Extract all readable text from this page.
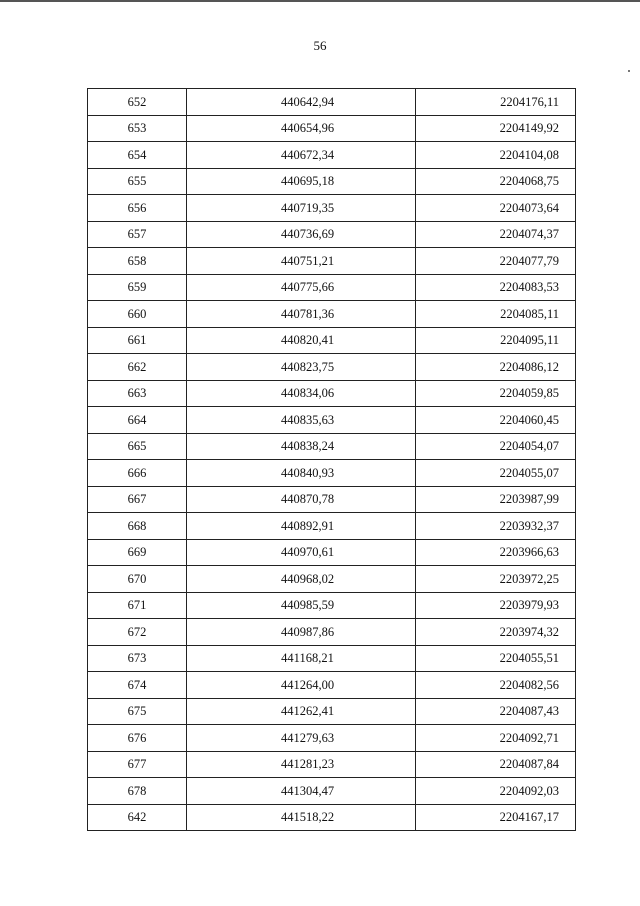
56
652	440642,94	2204176,11
653	440654,96	2204149,92
654	440672,34	2204104,08
655	440695,18	2204068,75
656	440719,35	2204073,64
657	440736,69	2204074,37
658	440751,21	2204077,79
659	440775,66	2204083,53
660	440781,36	2204085,11
661	440820,41	2204095,11
662	440823,75	2204086,12
663	440834,06	2204059,85
664	440835,63	2204060,45
665	440838,24	2204054,07
666	440840,93	2204055,07
667	440870,78	2203987,99
668	440892,91	2203932,37
669	440970,61	2203966,63
670	440968,02	2203972,25
671	440985,59	2203979,93
672	440987,86	2203974,32
673	441168,21	2204055,51
674	441264,00	2204082,56
675	441262,41	2204087,43
676	441279,63	2204092,71
677	441281,23	2204087,84
678	441304,47	2204092,03
642	441518,22	2204167,17
